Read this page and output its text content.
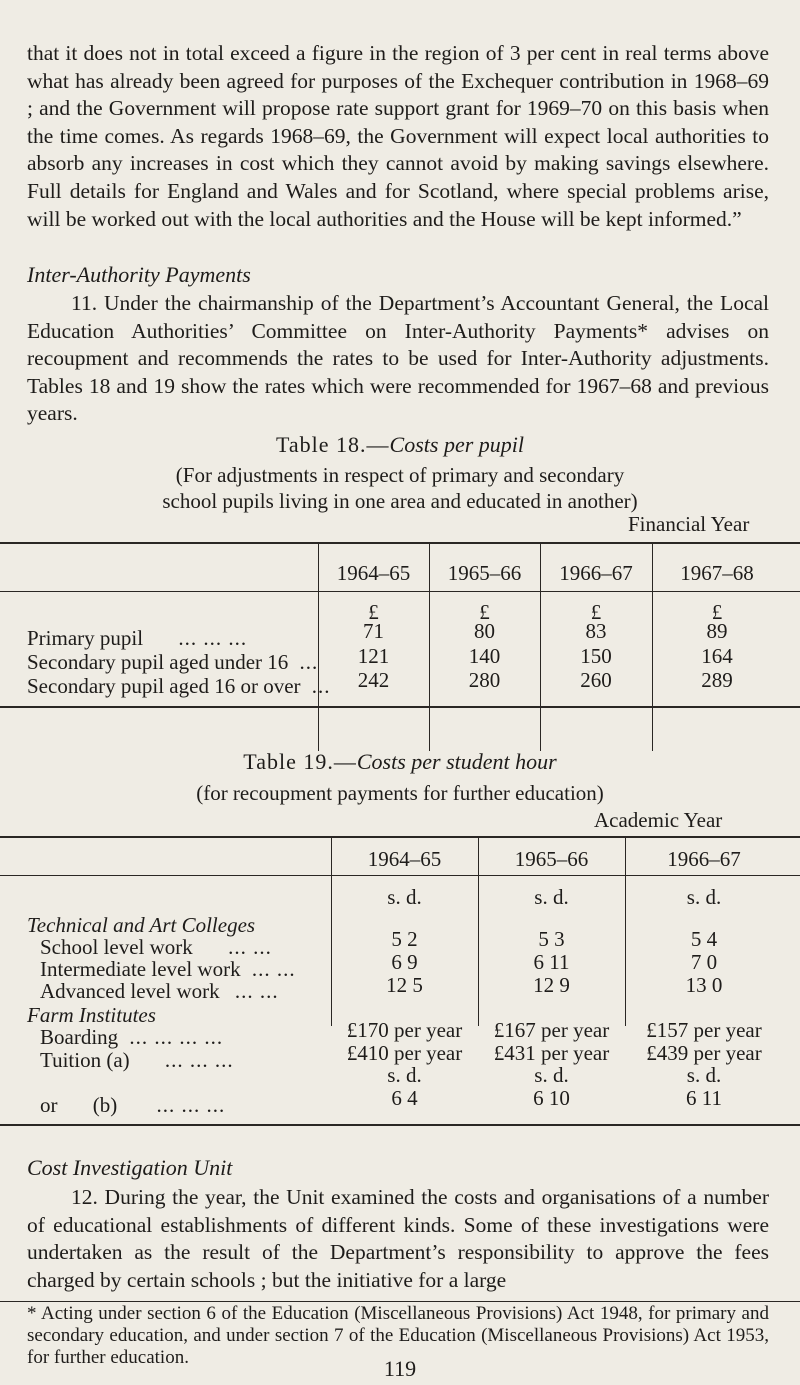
that it does not in total exceed a figure in the region of 3 per cent in real terms above what has already been agreed for purposes of the Exchequer contribution in 1968–69 ; and the Government will propose rate support grant for 1969–70 on this basis when the time comes. As regards 1968–69, the Government will expect local authorities to absorb any increases in cost which they cannot avoid by making savings elsewhere. Full details for England and Wales and for Scotland, where special problems arise, will be worked out with the local authorities and the House will be kept informed.”

Inter-Authority Payments

11. Under the chairmanship of the Department’s Accountant General, the Local Education Authorities’ Committee on Inter-Authority Payments* advises on recoupment and recommends the rates to be used for Inter-Authority adjustments. Tables 18 and 19 show the rates which were recommended for 1967–68 and previous years.

Table 18.—Costs per pupil

(For adjustments in respect of primary and secondary school pupils living in one area and educated in another)

Financial Year

1964–65	1965–66	1966–67	1967–68

£	£	£	£

Primary pupil ... ... ...	71	80	83	89

Secondary pupil aged under 16 ...	121	140	150	164

Secondary pupil aged 16 or over ...	242	280	260	289

Table 19.—Costs per student hour

(for recoupment payments for further education)

Academic Year

1964–65	1965–66	1966–67

s. d.	s. d.	s. d.

Technical and Art Colleges

School level work ... ...	5 2	5 3	5 4

Intermediate level work ... ...	6 9	6 11	7 0

Advanced level work ... ...	12 5	12 9	13 0

Farm Institutes

Boarding ... ... ... ...	£170 per year	£167 per year	£157 per year

Tuition (a) ... ... ...	£410 per year	£431 per year	£439 per year

s. d.	s. d.	s. d.

or (b) ... ... ...	6 4	6 10	6 11

Cost Investigation Unit

12. During the year, the Unit examined the costs and organisations of a number of educational establishments of different kinds. Some of these investigations were undertaken as the result of the Department’s responsibility to approve the fees charged by certain schools ; but the initiative for a large

* Acting under section 6 of the Education (Miscellaneous Provisions) Act 1948, for primary and secondary education, and under section 7 of the Education (Miscellaneous Provisions) Act 1953, for further education.	119
